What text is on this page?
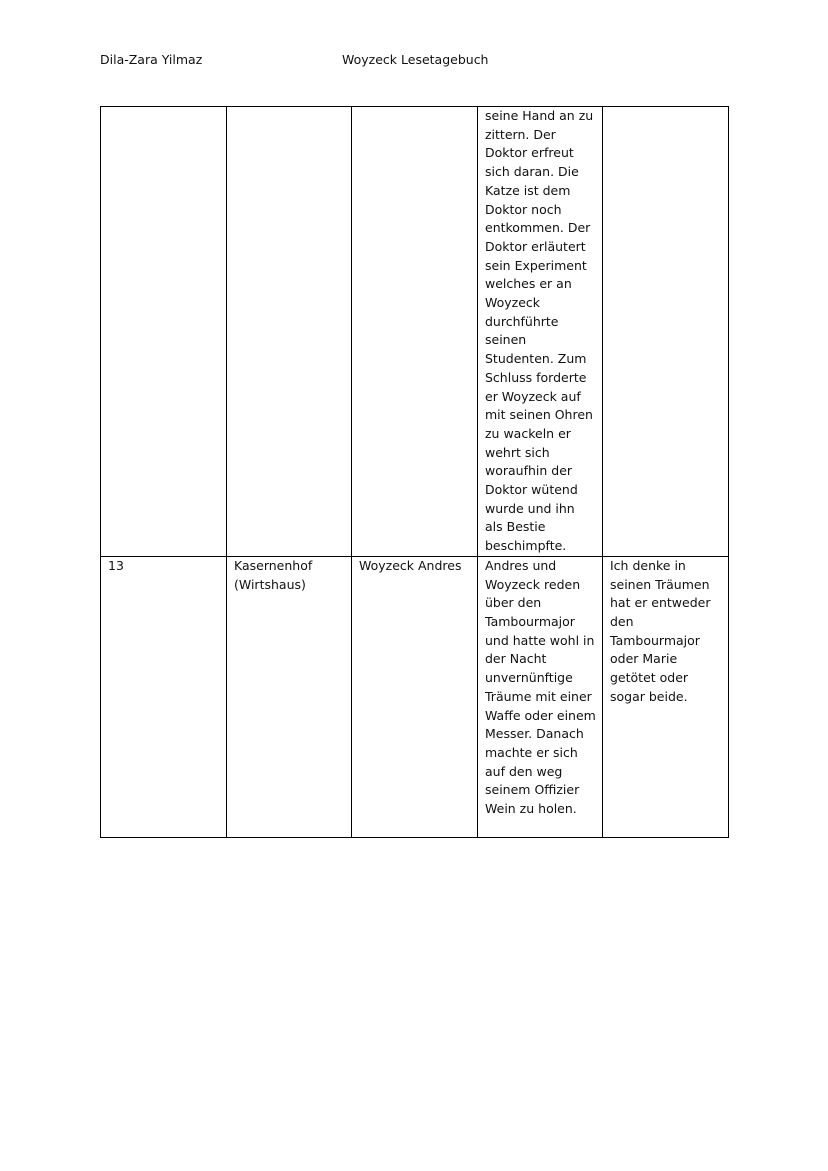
Dila-Zara Yilmaz	Woyzeck Lesetagebuch
			seine Hand an zu zittern. Der Doktor erfreut sich daran. Die Katze ist dem Doktor noch entkommen. Der Doktor erläutert sein Experiment welches er an Woyzeck durchführte seinen Studenten. Zum Schluss forderte er Woyzeck auf mit seinen Ohren zu wackeln er wehrt sich woraufhin der Doktor wütend wurde und ihn als Bestie beschimpfte.	
13	Kasernenhof (Wirtshaus)	Woyzeck Andres	Andres und Woyzeck reden über den Tambourmajor und hatte wohl in der Nacht unvernünftige Träume mit einer Waffe oder einem Messer. Danach machte er sich auf den weg seinem Offizier Wein zu holen.	Ich denke in seinen Träumen hat er entweder den Tambourmajor oder Marie getötet oder sogar beide.
